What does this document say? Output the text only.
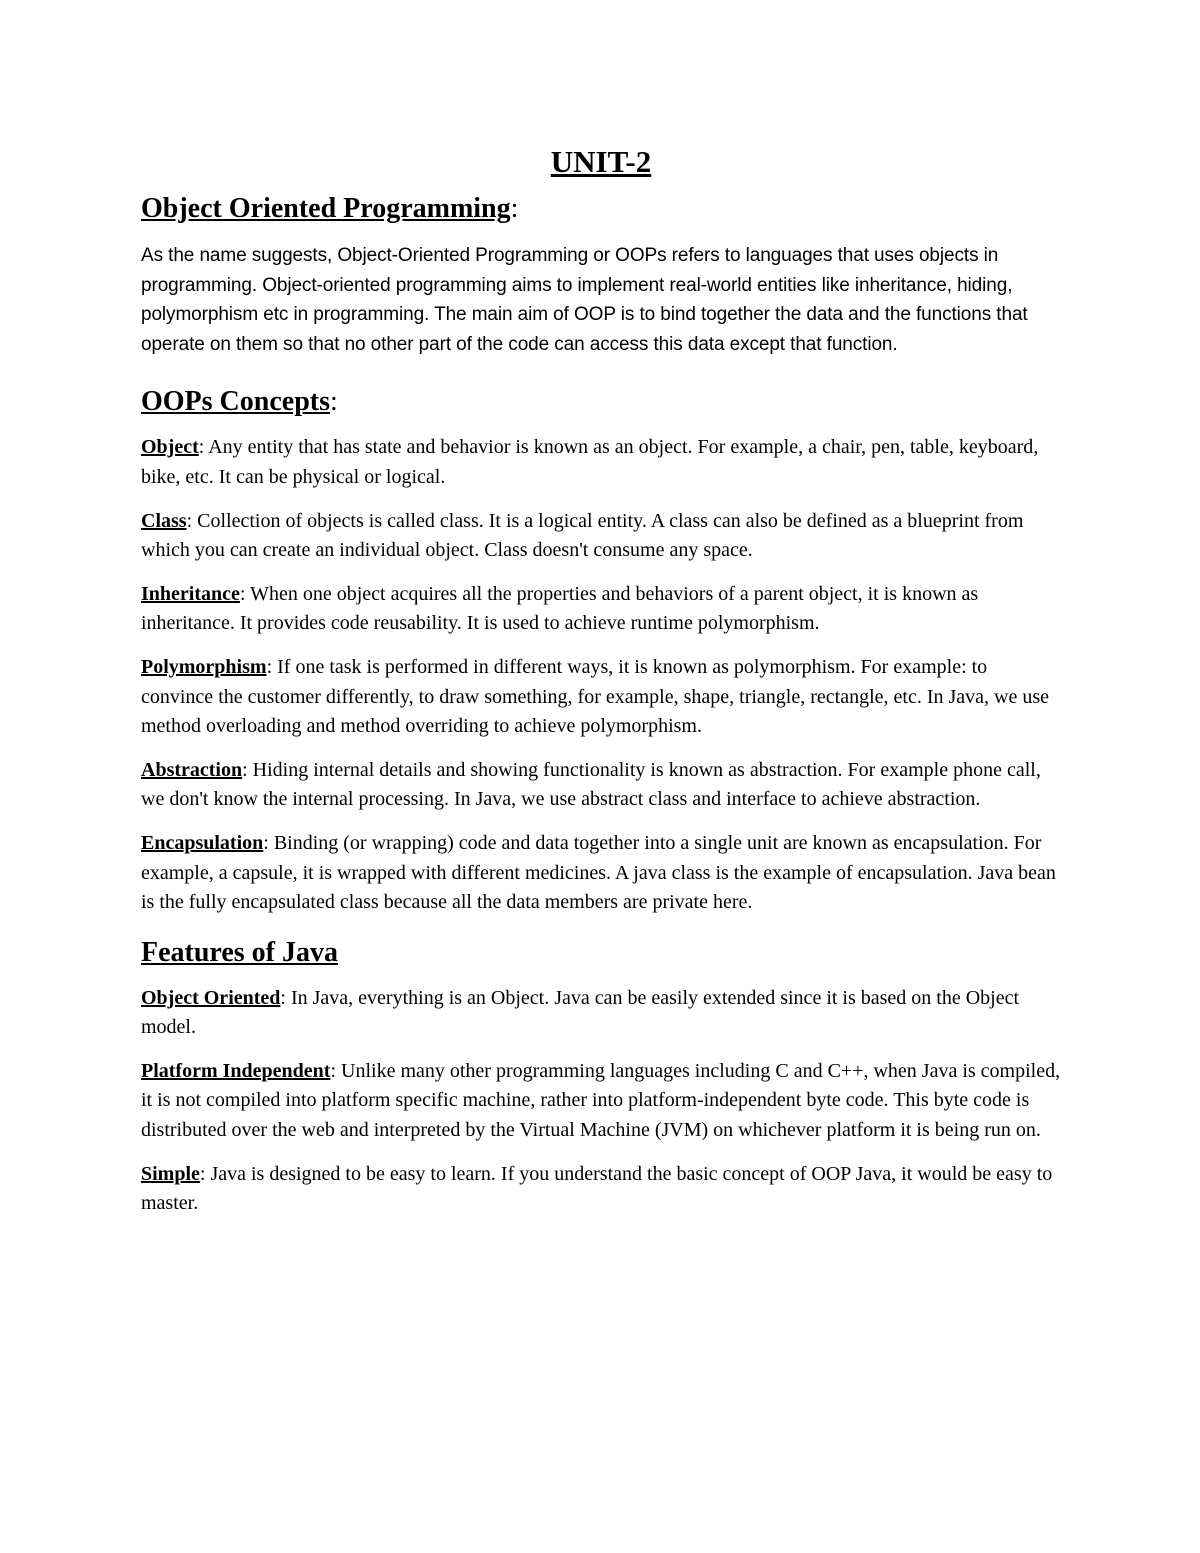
UNIT-2
Object Oriented Programming:

As the name suggests, Object-Oriented Programming or OOPs refers to languages that uses objects in programming. Object-oriented programming aims to implement real-world entities like inheritance, hiding, polymorphism etc in programming. The main aim of OOP is to bind together the data and the functions that operate on them so that no other part of the code can access this data except that function.

OOPs Concepts:

Object: Any entity that has state and behavior is known as an object. For example, a chair, pen, table, keyboard, bike, etc. It can be physical or logical.

Class: Collection of objects is called class. It is a logical entity. A class can also be defined as a blueprint from which you can create an individual object. Class doesn't consume any space.

Inheritance: When one object acquires all the properties and behaviors of a parent object, it is known as inheritance. It provides code reusability. It is used to achieve runtime polymorphism.

Polymorphism: If one task is performed in different ways, it is known as polymorphism. For example: to convince the customer differently, to draw something, for example, shape, triangle, rectangle, etc. In Java, we use method overloading and method overriding to achieve polymorphism.

Abstraction: Hiding internal details and showing functionality is known as abstraction. For example phone call, we don't know the internal processing. In Java, we use abstract class and interface to achieve abstraction.

Encapsulation: Binding (or wrapping) code and data together into a single unit are known as encapsulation. For example, a capsule, it is wrapped with different medicines. A java class is the example of encapsulation. Java bean is the fully encapsulated class because all the data members are private here.

Features of Java

Object Oriented: In Java, everything is an Object. Java can be easily extended since it is based on the Object model.

Platform Independent: Unlike many other programming languages including C and C++, when Java is compiled, it is not compiled into platform specific machine, rather into platform-independent byte code. This byte code is distributed over the web and interpreted by the Virtual Machine (JVM) on whichever platform it is being run on.

Simple: Java is designed to be easy to learn. If you understand the basic concept of OOP Java, it would be easy to master.
